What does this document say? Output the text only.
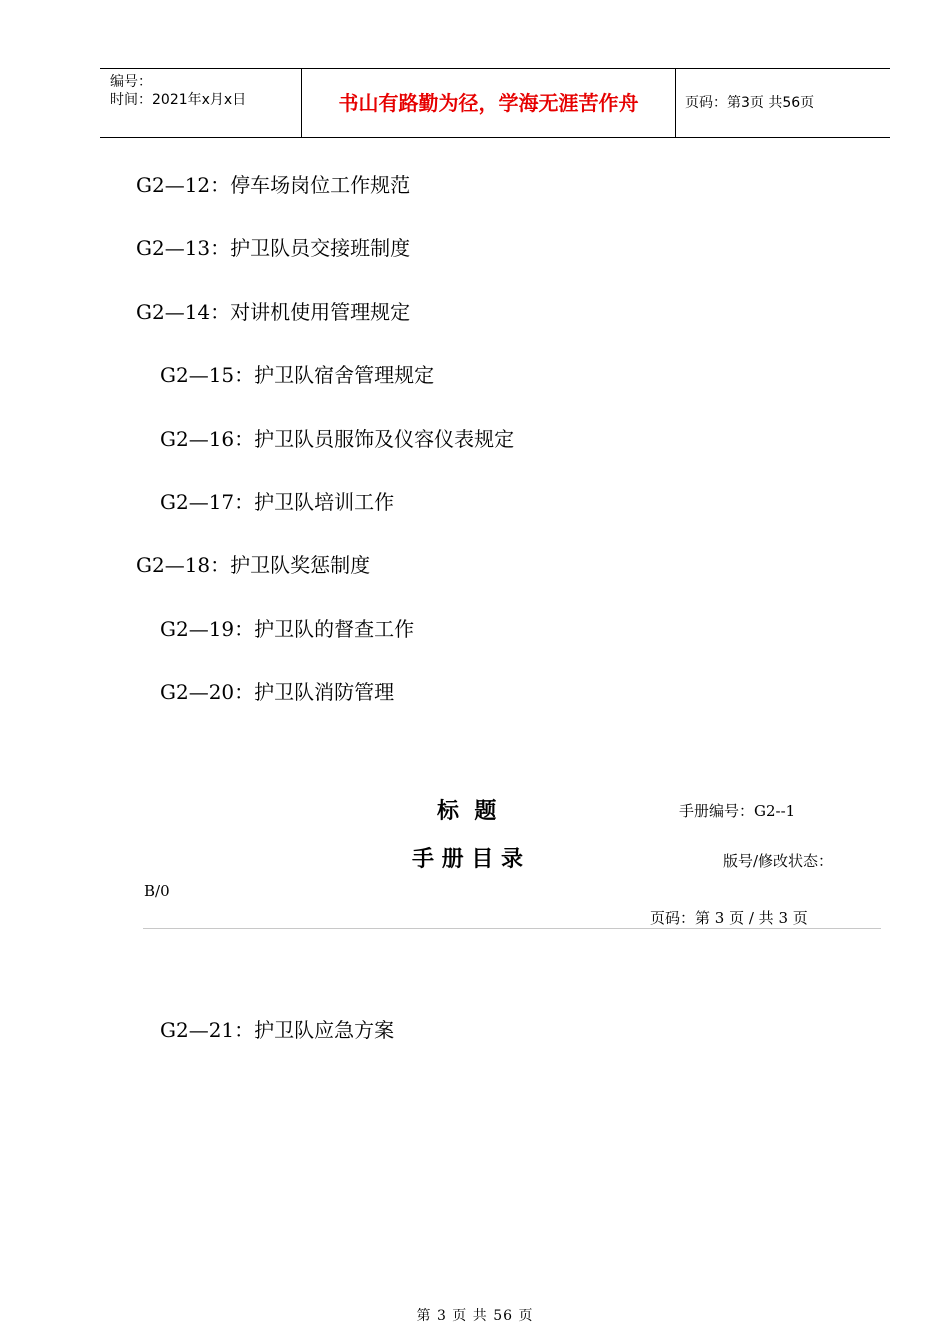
编号：
时间：2021年x月x日	书山有路勤为径，学海无涯苦作舟	页码：第3页 共56页
G2—12：停车场岗位工作规范
G2—13：护卫队员交接班制度
G2—14：对讲机使用管理规定
G2—15：护卫队宿舍管理规定
G2—16：护卫队员服饰及仪容仪表规定
G2—17：护卫队培训工作
G2—18：护卫队奖惩制度
G2—19：护卫队的督查工作
G2—20：护卫队消防管理
标  题	手册编号：G2--1
手 册 目 录	版号/修改状态：
B/0
页码：第 3 页 / 共 3 页
G2—21：护卫队应急方案
第 3 页 共 56 页
